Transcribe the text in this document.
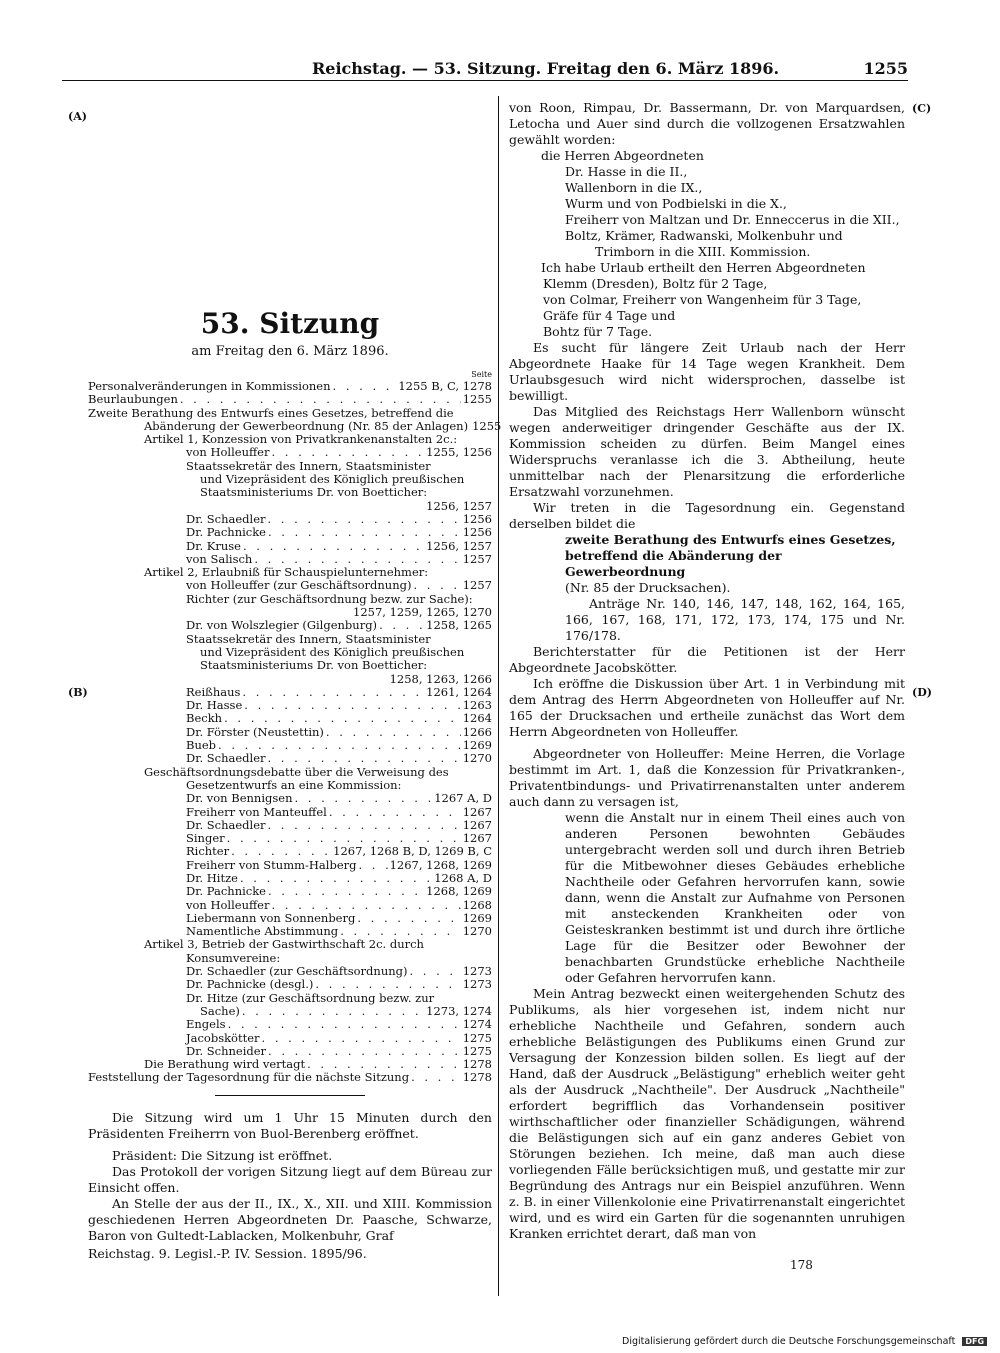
Reichstag. — 53. Sitzung. Freitag den 6. März 1896.	1255
(A)
(B)
(C)
(D)
53. Sitzung
am Freitag den 6. März 1896.
Seite
Personalveränderungen in Kommissionen . . .	1255 B, C, 1278
Beurlaubungen . . .	1255
Zweite Berathung des Entwurfs eines Gesetzes, betreffend die
Abänderung der Gewerbeordnung (Nr. 85 der Anlagen) 1255
Artikel 1, Konzession von Privatkrankenanstalten 2c.:
von Holleuffer . . .	1255, 1256
Staatssekretär des Innern, Staatsminister
und Vizepräsident des Königlich preußischen
Staatsministeriums Dr. von Boetticher:
1256, 1257
Dr. Schaedler . . .	1256
Dr. Pachnicke . . .	1256
Dr. Kruse . . .	1256, 1257
von Salisch . . .	1257
Artikel 2, Erlaubniß für Schauspielunternehmer:
von Holleuffer (zur Geschäftsordnung) . . .	1257
Richter (zur Geschäftsordnung bezw. zur Sache):
1257, 1259, 1265, 1270
Dr. von Wolszlegier (Gilgenburg) . . .	1258, 1265
Staatssekretär des Innern, Staatsminister
und Vizepräsident des Königlich preußischen
Staatsministeriums Dr. von Boetticher:
1258, 1263, 1266
Reißhaus . . .	1261, 1264
Dr. Hasse . . .	1263
Beckh . . .	1264
Dr. Förster (Neustettin) . . .	1266
Bueb . . .	1269
Dr. Schaedler . . .	1270
Geschäftsordnungsdebatte über die Verweisung des
Gesetzentwurfs an eine Kommission:
Dr. von Bennigsen . . .	1267 A, D
Freiherr von Manteuffel . . .	1267
Dr. Schaedler . . .	1267
Singer . . .	1267
Richter . . .	1267, 1268 B, D, 1269 B, C
Freiherr von Stumm-Halberg . . .	1267, 1268, 1269
Dr. Hitze . . .	1268 A, D
Dr. Pachnicke . . .	1268, 1269
von Holleuffer . . .	1268
Liebermann von Sonnenberg . . .	1269
Namentliche Abstimmung . . .	1270
Artikel 3, Betrieb der Gastwirthschaft 2c. durch
Konsumvereine:
Dr. Schaedler (zur Geschäftsordnung) . . .	1273
Dr. Pachnicke (desgl.) . . .	1273
Dr. Hitze (zur Geschäftsordnung bezw. zur
Sache) . . .	1273, 1274
Engels . . .	1274
Jacobskötter . . .	1275
Dr. Schneider . . .	1275
Die Berathung wird vertagt . . .	1278
Feststellung der Tagesordnung für die nächste Sitzung . . .	1278

Die Sitzung wird um 1 Uhr 15 Minuten durch den Präsidenten Freiherrn von Buol-Berenberg eröffnet.

Präsident: Die Sitzung ist eröffnet.

Das Protokoll der vorigen Sitzung liegt auf dem Büreau zur Einsicht offen.

An Stelle der aus der II., IX., X., XII. und XIII. Kommission geschiedenen Herren Abgeordneten Dr. Paasche, Schwarze, Baron von Gultedt-Lablacken, Molkenbuhr, Graf

Reichstag. 9. Legisl.-P. IV. Session. 1895/96.

von Roon, Rimpau, Dr. Bassermann, Dr. von Marquardsen, Letocha und Auer sind durch die vollzogenen Ersatzwahlen gewählt worden:

die Herren Abgeordneten
Dr. Hasse in die II.,
Wallenborn in die IX.,
Wurm und von Podbielski in die X.,
Freiherr von Maltzan und Dr. Enneccerus in die XII.,
Boltz, Krämer, Radwanski, Molkenbuhr und Trimborn in die XIII. Kommission.
Ich habe Urlaub ertheilt den Herren Abgeordneten
Klemm (Dresden), Boltz für 2 Tage,
von Colmar, Freiherr von Wangenheim für 3 Tage,
Gräfe für 4 Tage und
Bohtz für 7 Tage.

Es sucht für längere Zeit Urlaub nach der Herr Abgeordnete Haake für 14 Tage wegen Krankheit. Dem Urlaubsgesuch wird nicht widersprochen, dasselbe ist bewilligt.

Das Mitglied des Reichstags Herr Wallenborn wünscht wegen anderweitiger dringender Geschäfte aus der IX. Kommission scheiden zu dürfen. Beim Mangel eines Widerspruchs veranlasse ich die 3. Abtheilung, heute unmittelbar nach der Plenarsitzung die erforderliche Ersatzwahl vorzunehmen.

Wir treten in die Tagesordnung ein. Gegenstand derselben bildet die

zweite Berathung des Entwurfs eines Gesetzes, betreffend die Abänderung der Gewerbeordnung
(Nr. 85 der Drucksachen).
Anträge Nr. 140, 146, 147, 148, 162, 164, 165, 166, 167, 168, 171, 172, 173, 174, 175 und Nr. 176/178.

Berichterstatter für die Petitionen ist der Herr Abgeordnete Jacobskötter.

Ich eröffne die Diskussion über Art. 1 in Verbindung mit dem Antrag des Herrn Abgeordneten von Holleuffer auf Nr. 165 der Drucksachen und ertheile zunächst das Wort dem Herrn Abgeordneten von Holleuffer.

Abgeordneter von Holleuffer: Meine Herren, die Vorlage bestimmt im Art. 1, daß die Konzession für Privatkranken-, Privatentbindungs- und Privatirrenanstalten unter anderem auch dann zu versagen ist,

wenn die Anstalt nur in einem Theil eines auch von anderen Personen bewohnten Gebäudes untergebracht werden soll und durch ihren Betrieb für die Mitbewohner dieses Gebäudes erhebliche Nachtheile oder Gefahren hervorrufen kann, sowie dann, wenn die Anstalt zur Aufnahme von Personen mit ansteckenden Krankheiten oder von Geisteskranken bestimmt ist und durch ihre örtliche Lage für die Besitzer oder Bewohner der benachbarten Grundstücke erhebliche Nachtheile oder Gefahren hervorrufen kann.

Mein Antrag bezweckt einen weitergehenden Schutz des Publikums, als hier vorgesehen ist, indem nicht nur erhebliche Nachtheile und Gefahren, sondern auch erhebliche Belästigungen des Publikums einen Grund zur Versagung der Konzession bilden sollen. Es liegt auf der Hand, daß der Ausdruck „Belästigung" erheblich weiter geht als der Ausdruck „Nachtheile". Der Ausdruck „Nachtheile" erfordert begrifflich das Vorhandensein positiver wirthschaftlicher oder finanzieller Schädigungen, während die Belästigungen sich auf ein ganz anderes Gebiet von Störungen beziehen. Ich meine, daß man auch diese vorliegenden Fälle berücksichtigen muß, und gestatte mir zur Begründung des Antrags nur ein Beispiel anzuführen. Wenn z. B. in einer Villenkolonie eine Privatirrenanstalt eingerichtet wird, und es wird ein Garten für die sogenannten unruhigen Kranken errichtet derart, daß man von

178
Digitalisierung gefördert durch die Deutsche Forschungsgemeinschaft DFG
